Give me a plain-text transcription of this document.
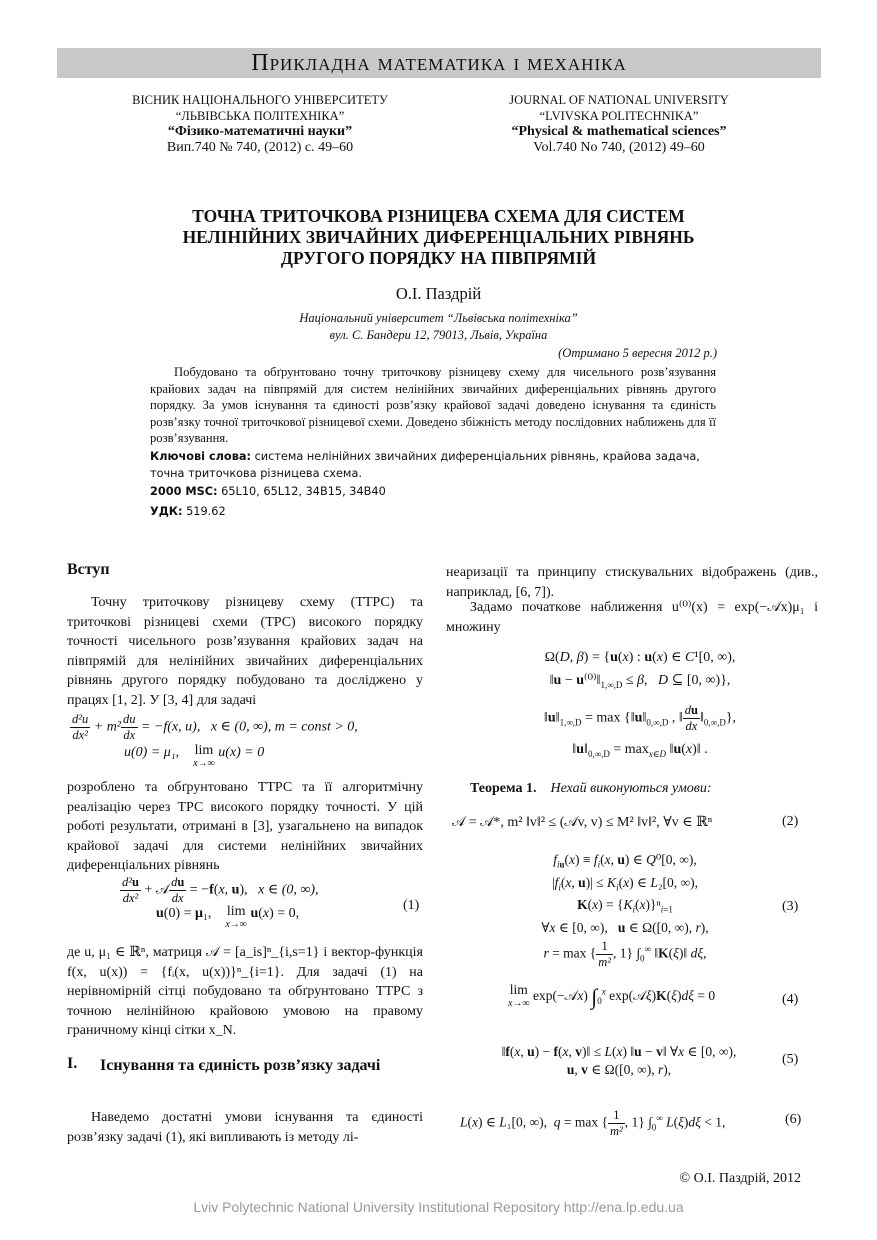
Прикладна математика і механіка
ВІСНИК НАЦІОНАЛЬНОГО УНІВЕРСИТЕТУ
“ЛЬВІВСЬКА ПОЛІТЕХНІКА”
“Фізико-математичні науки”
Вип.740 № 740, (2012) с. 49–60
JOURNAL OF NATIONAL UNIVERSITY
“LVIVSKA POLITECHNIKA”
“Physical & mathematical sciences”
Vol.740 No 740, (2012) 49–60
ТОЧНА ТРИТОЧКОВА РІЗНИЦЕВА СХЕМА ДЛЯ СИСТЕМ
НЕЛІНІЙНИХ ЗВИЧАЙНИХ ДИФЕРЕНЦІАЛЬНИХ РІВНЯНЬ
ДРУГОГО ПОРЯДКУ НА ПІВПРЯМІЙ
О.І. Паздрій
Національний університет “Львівська політехніка”
вул. С. Бандери 12, 79013, Львів, Україна
(Отримано 5 вересня 2012 р.)
Побудовано та обґрунтовано точну триточкову різницеву схему для чисельного розв’язування крайових задач на півпрямій для систем нелінійних звичайних диференціальних рівнянь другого порядку. За умов існування та єдиності розв’язку крайової задачі доведено існування та єдиність розв’язку точної триточкової різницевої схеми. Доведено збіжність методу послідовних наближень для її розв’язування.
Ключові слова: система нелінійних звичайних диференціальних рівнянь, крайова задача, точна триточкова різницева схема.
2000 MSC: 65L10, 65L12, 34B15, 34B40
УДК: 519.62
Вступ
Точну триточкову різницеву схему (ТТРС) та триточкові різницеві схеми (ТРС) високого порядку точності чисельного розв’язування крайових задач на півпрямій для нелінійних звичайних диференціальних рівнянь другого порядку побудовано та досліджено у працях [1, 2]. У [3, 4] для задачі
$\frac{\text{d²u}}{\text{dx²}} + m^2 \frac{du}{dx} = -f(x$, u), x ∈ (0, ∞), m = const > 0,
u(0) = μ₁, lim
x→∞ u(x) = 0
розроблено та обґрунтовано ТТРС та її алгоритмічну реалізацію через ТРС високого порядку точності. У цій роботі результати, отримані в [3], узагальнено на випадок крайової задачі для системи нелінійних звичайних диференціальних рівнянь
$\frac{\text{d²u}}{\text{dx²}}$ + 𝒜 $\frac{du}{dx} = -f(x$, u),   x ∈ (0, ∞),
u(0) = μ₁,    lim
x→∞ u(x) = 0,
(1)
де u, μ₁ ∈ ℝⁿ, матриця 𝒜 = [a_is]ⁿ_{i,s=1} і вектор-функція f(x, u(x)) = {fᵢ(x, u(x))}ⁿ_{i=1}. Для задачі (1) на нерівномірній сітці побудовано та обґрунтовано ТТРС з точною нелінійною крайовою умовою на правому граничному кінці сітки x_N.
I. Існування та єдиність розв’язку задачі
Наведемо достатні умови існування та єдиності розв’язку задачі (1), які випливають із методу лі-
неаризації та принципу стискувальних відображень (див., наприклад, [6, 7]).
Задамо початкове наближення u⁽⁰⁾(x) = exp(−𝒜x)μ₁ і множину
Ω(D, β) = {u(x) : u(x) ∈ C¹[0, ∞),
‖u − $u^{(0)}‖_{1,\infty,D} \le \beta$,   D ⊆ [0, ∞)},
$‖u‖_{1,\infty,D} = \max$ {$‖u‖_{0,\infty,D}$ , ‖ $\frac{du}{dx}$ $‖_{0,\infty,D}$},
$‖u‖_{0,\infty,D} = \max_{x\in D}$ ‖u(x)‖ .
Теорема 1. Нехай виконуються умови:
𝒜 = 𝒜*, m² ‖v‖² ≤ (𝒜v, v) ≤ M² ‖v‖², ∀v ∈ ℝⁿ	(2)
$f_{iu}(x) \equiv f_i(x$, u) ∈ Q⁰[0, ∞),
$|f_i(x$, $u)| \le K_i(x)$ ∈ L₂[0, ∞),
$K(x) = \{K_i(x)\}^n_{i=1}$
∀x ∈ [0, ∞),   u ∈ Ω([0, ∞), r),
r = max { $\frac{1}{\text{m²}}$ , 1} $\int_0^\infty$ ‖K(ξ)‖ dξ,
(3)
lim
x→∞ exp(−𝒜x) $\int_0^x$ exp(𝒜ξ)K(ξ)dξ = 0	(4)
‖f(x, u) − f(x, v)‖ ≤ L(x) ‖u − v‖ ∀x ∈ [0, ∞),
u, v ∈ Ω([0, ∞), r),
(5)
L(x) ∈ L₁[0, ∞),  q = max { $\frac{1}{\text{m²}}$ , 1} $\int_0^\infty$ L(ξ)dξ < 1,	(6)
© О.І. Паздрій, 2012
Lviv Polytechnic National University Institutional Repository http://ena.lp.edu.ua
